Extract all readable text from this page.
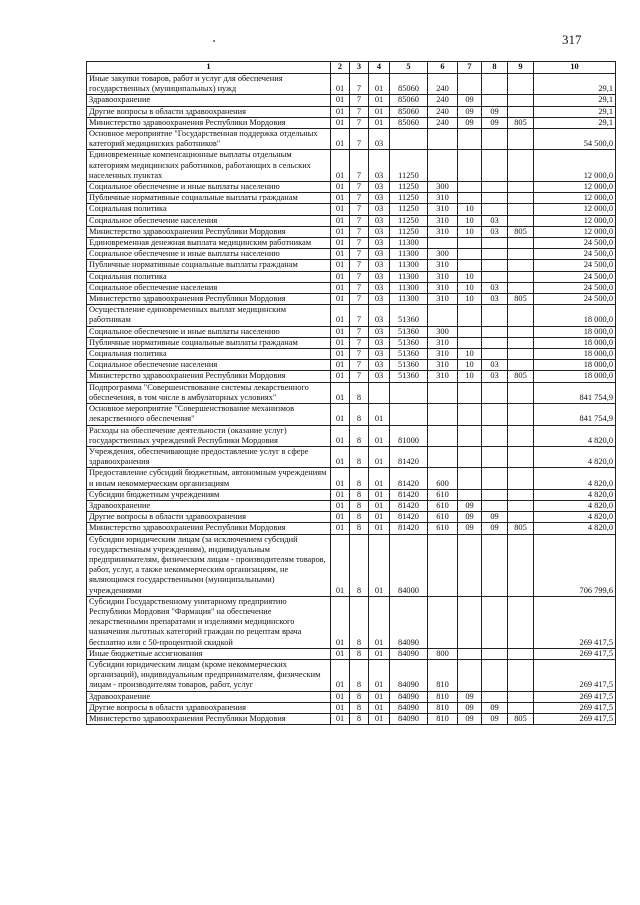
317
1	2	3	4	5	6	7	8	9	10
Иные закупки товаров, работ и услуг для обеспечения государственных (муниципальных) нужд	01	7	01	85060	240				29,1
Здравоохранение	01	7	01	85060	240	09			29,1
Другие вопросы в области здравоохранения	01	7	01	85060	240	09	09		29,1
Министерство здравоохранения Республики Мордовия	01	7	01	85060	240	09	09	805	29,1
Основное мероприятие "Государственная поддержка отдельных категорий медицинских работников"	01	7	03						54 500,0
Единовременные компенсационные выплаты отдельным категориям медицинских работников, работающих в сельских населенных пунктах	01	7	03	11250					12 000,0
Социальное обеспечение и иные выплаты населению	01	7	03	11250	300				12 000,0
Публичные нормативные социальные выплаты гражданам	01	7	03	11250	310				12 000,0
Социальная политика	01	7	03	11250	310	10			12 000,0
Социальное обеспечение населения	01	7	03	11250	310	10	03		12 000,0
Министерство здравоохранения Республики Мордовия	01	7	03	11250	310	10	03	805	12 000,0
Единовременная денежная выплата медицинским работникам	01	7	03	11300					24 500,0
Социальное обеспечение и иные выплаты населению	01	7	03	11300	300				24 500,0
Публичные нормативные социальные выплаты гражданам	01	7	03	11300	310				24 500,0
Социальная политика	01	7	03	11300	310	10			24 500,0
Социальное обеспечение населения	01	7	03	11300	310	10	03		24 500,0
Министерство здравоохранения Республики Мордовия	01	7	03	11300	310	10	03	805	24 500,0
Осуществление единовременных выплат медицинским работникам	01	7	03	51360					18 000,0
Социальное обеспечение и иные выплаты населению	01	7	03	51360	300				18 000,0
Публичные нормативные социальные выплаты гражданам	01	7	03	51360	310				18 000,0
Социальная политика	01	7	03	51360	310	10			18 000,0
Социальное обеспечение населения	01	7	03	51360	310	10	03		18 000,0
Министерство здравоохранения Республики Мордовия	01	7	03	51360	310	10	03	805	18 000,0
Подпрограмма "Совершенствование системы лекарственного обеспечения, в том числе в амбулаторных условиях"	01	8							841 754,9
Основное мероприятие "Совершенствование механизмов лекарственного обеспечения"	01	8	01						841 754,9
Расходы на обеспечение деятельности (оказание услуг) государственных учреждений Республики Мордовия	01	8	01	81000					4 820,0
Учреждения, обеспечивающие предоставление услуг в сфере здравоохранения	01	8	01	81420					4 820,0
Предоставление субсидий бюджетным, автономным учреждениям и иным некоммерческим организациям	01	8	01	81420	600				4 820,0
Субсидии бюджетным учреждениям	01	8	01	81420	610				4 820,0
Здравоохранение	01	8	01	81420	610	09			4 820,0
Другие вопросы в области здравоохранения	01	8	01	81420	610	09	09		4 820,0
Министерство здравоохранения Республики Мордовия	01	8	01	81420	610	09	09	805	4 820,0
Субсидии юридическим лицам (за исключением субсидий государственным учреждениям), индивидуальным предпринимателям, физическим лицам - производителям товаров, работ, услуг, а также некоммерческим организациям, не являющимся государственными (муниципальными) учреждениями	01	8	01	84000					706 799,6
Субсидии Государственному унитарному предприятию Республики Мордовия "Фармация" на обеспечение лекарственными препаратами и изделиями медицинского назначения льготных категорий граждан по рецептам врача бесплатно или с 50-процентной скидкой	01	8	01	84090					269 417,5
Иные бюджетные ассигнования	01	8	01	84090	800				269 417,5
Субсидии юридическим лицам (кроме некоммерческих организаций), индивидуальным предпринимателям, физическим лицам - производителям товаров, работ, услуг	01	8	01	84090	810				269 417,5
Здравоохранение	01	8	01	84090	810	09			269 417,5
Другие вопросы в области здравоохранения	01	8	01	84090	810	09	09		269 417,5
Министерство здравоохранения Республики Мордовия	01	8	01	84090	810	09	09	805	269 417,5
